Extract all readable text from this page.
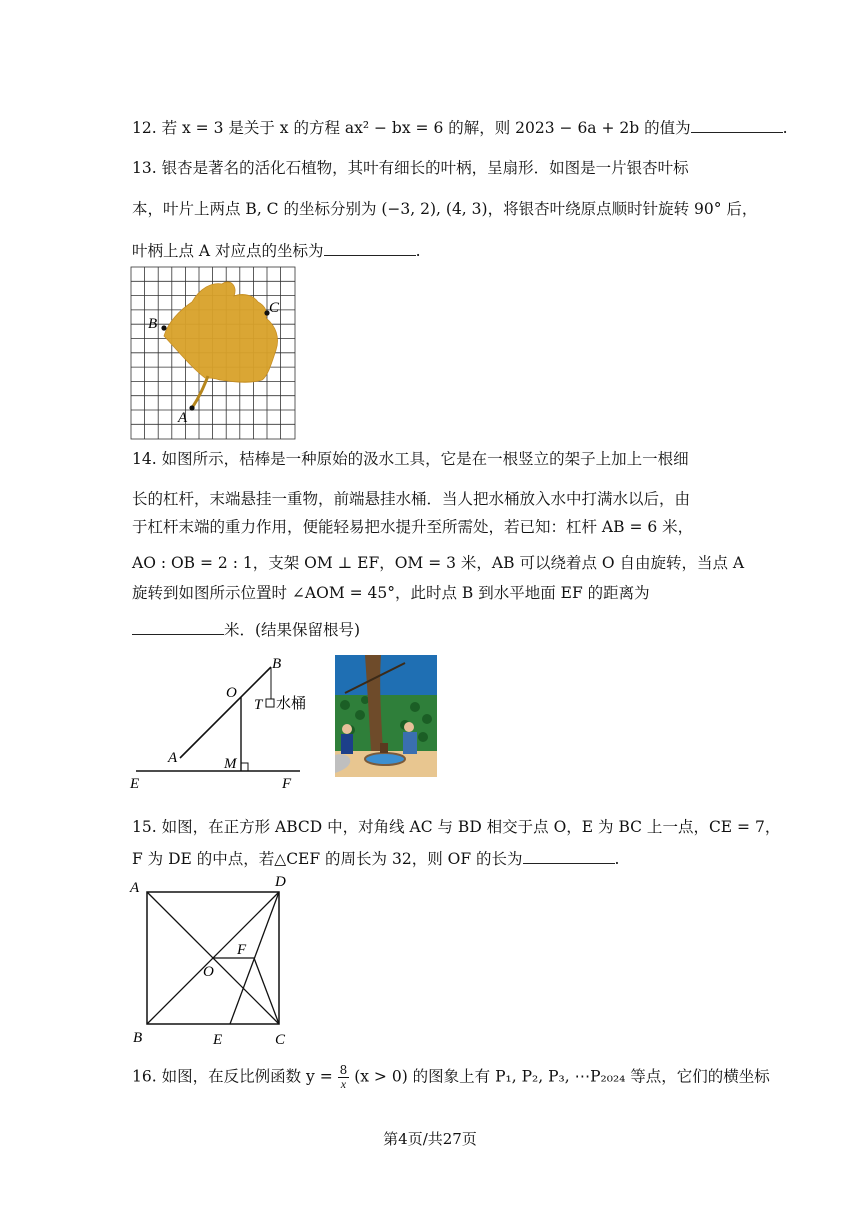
12. 若 x = 3 是关于 x 的方程 ax² − bx = 6 的解，则 2023 − 6a + 2b 的值为	.
13. 银杏是著名的活化石植物，其叶有细长的叶柄，呈扇形．如图是一片银杏叶标
本，叶片上两点 B, C 的坐标分别为 (−3, 2), (4, 3)，将银杏叶绕原点顺时针旋转 90° 后，
叶柄上点 A 对应点的坐标为	.
B
C
A
14. 如图所示，桔棒是一种原始的汲水工具，它是在一根竖立的架子上加上一根细
长的杠杆，末端悬挂一重物，前端悬挂水桶．当人把水桶放入水中打满水以后，由
于杠杆末端的重力作用，便能轻易把水提升至所需处，若已知：杠杆 AB = 6 米，
AO : OB = 2 : 1，支架 OM ⊥ EF，OM = 3 米，AB 可以绕着点 O 自由旋转，当点 A
旋转到如图所示位置时 ∠AOM = 45°，此时点 B 到水平地面 EF 的距离为
米．(结果保留根号)
B
O
T 水桶
A	M
E	F
15. 如图，在正方形 ABCD 中，对角线 AC 与 BD 相交于点 O，E 为 BC 上一点，CE = 7，
F 为 DE 的中点，若△CEF 的周长为 32，则 OF 的长为	.
A	D
F
O
B	E	C
16. 如图，在反比例函数 $y = \frac{8}{x} (x > 0)$ 的图象上有 P₁, P₂, P₃, ⋯P₂₀₂₄ 等点，它们的横坐标
第4页/共27页
